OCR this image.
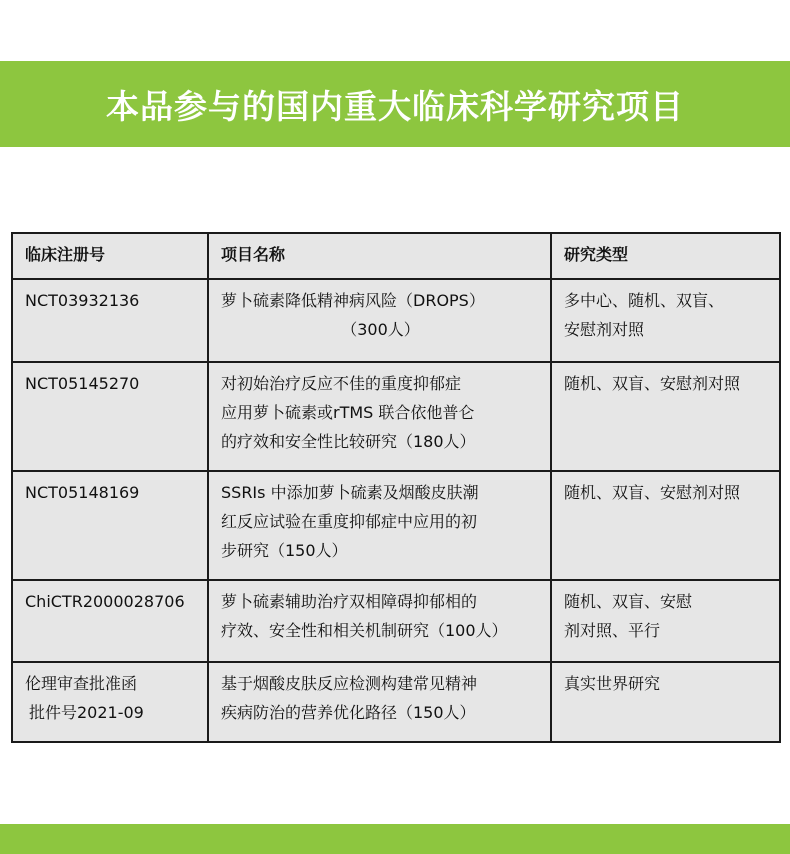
本品参与的国内重大临床科学研究项目
临床注册号	项目名称	研究类型

NCT03932136	萝卜硫素降低精神病风险（DROPS）
（300人）	多中心、随机、双盲、
安慰剂对照

NCT05145270	对初始治疗反应不佳的重度抑郁症
应用萝卜硫素或rTMS 联合依他普仑
的疗效和安全性比较研究（180人）	随机、双盲、安慰剂对照

NCT05148169	SSRIs 中添加萝卜硫素及烟酸皮肤潮
红反应试验在重度抑郁症中应用的初
步研究（150人）	随机、双盲、安慰剂对照

ChiCTR2000028706	萝卜硫素辅助治疗双相障碍抑郁相的
疗效、安全性和相关机制研究（100人）	随机、双盲、安慰
剂对照、平行

伦理审查批准函
批件号2021-09	基于烟酸皮肤反应检测构建常见精神
疾病防治的营养优化路径（150人）	真实世界研究
